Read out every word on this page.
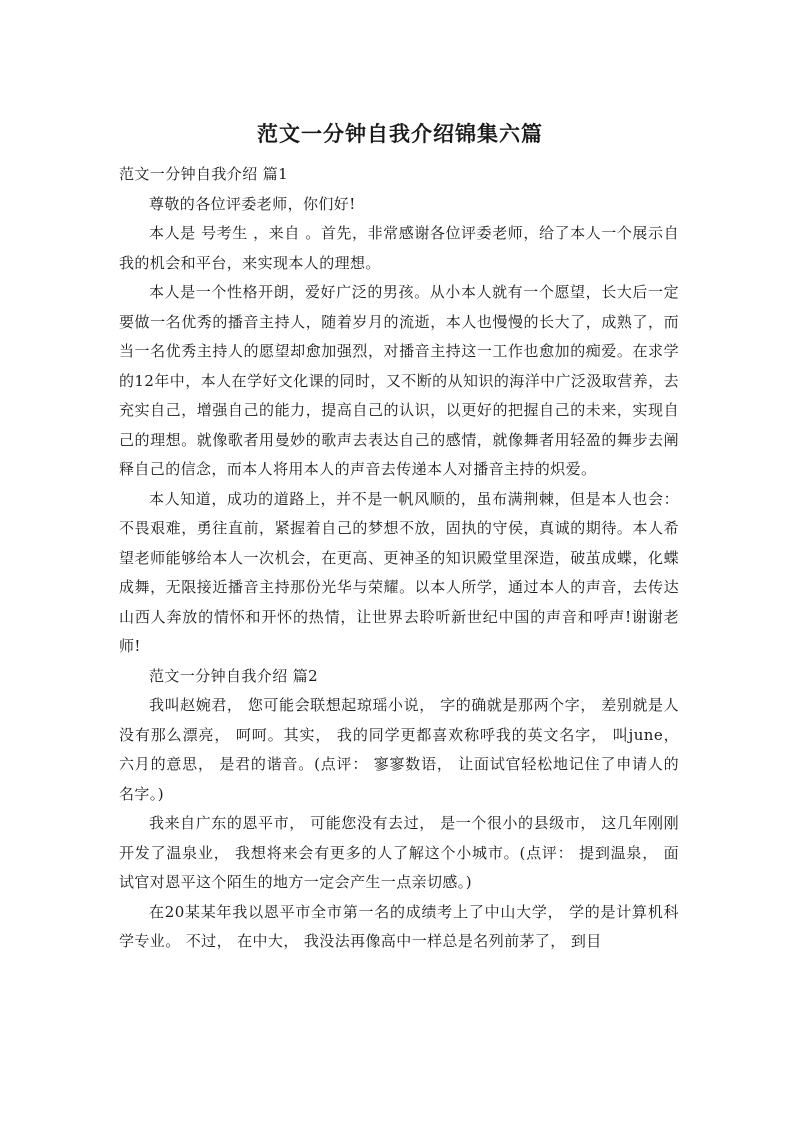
范文一分钟自我介绍锦集六篇

范文一分钟自我介绍 篇1

尊敬的各位评委老师，你们好!

本人是 号考生 ，来自 。首先，非常感谢各位评委老师，给了本人一个展示自我的机会和平台，来实现本人的理想。

本人是一个性格开朗，爱好广泛的男孩。从小本人就有一个愿望，长大后一定要做一名优秀的播音主持人，随着岁月的流逝，本人也慢慢的长大了，成熟了，而当一名优秀主持人的愿望却愈加强烈，对播音主持这一工作也愈加的痴爱。在求学的12年中，本人在学好文化课的同时，又不断的从知识的海洋中广泛汲取营养，去充实自己，增强自己的能力，提高自己的认识，以更好的把握自己的未来，实现自己的理想。就像歌者用曼妙的歌声去表达自己的感情，就像舞者用轻盈的舞步去阐释自己的信念，而本人将用本人的声音去传递本人对播音主持的炽爱。

本人知道，成功的道路上，并不是一帆风顺的，虽布满荆棘，但是本人也会：不畏艰难，勇往直前，紧握着自己的梦想不放，固执的守侯，真诚的期待。本人希望老师能够给本人一次机会，在更高、更神圣的知识殿堂里深造，破茧成蝶，化蝶成舞，无限接近播音主持那份光华与荣耀。以本人所学，通过本人的声音，去传达山西人奔放的情怀和开怀的热情，让世界去聆听新世纪中国的声音和呼声!谢谢老师!

范文一分钟自我介绍 篇2

我叫赵婉君， 您可能会联想起琼瑶小说， 字的确就是那两个字， 差别就是人没有那么漂亮， 呵呵。其实， 我的同学更都喜欢称呼我的英文名字， 叫june， 六月的意思， 是君的谐音。(点评： 寥寥数语， 让面试官轻松地记住了申请人的名字。)

我来自广东的恩平市， 可能您没有去过， 是一个很小的县级市， 这几年刚刚开发了温泉业， 我想将来会有更多的人了解这个小城市。(点评： 提到温泉， 面试官对恩平这个陌生的地方一定会产生一点亲切感。)

在20某某年我以恩平市全市第一名的成绩考上了中山大学， 学的是计算机科学专业。 不过， 在中大， 我没法再像高中一样总是名列前茅了， 到目
